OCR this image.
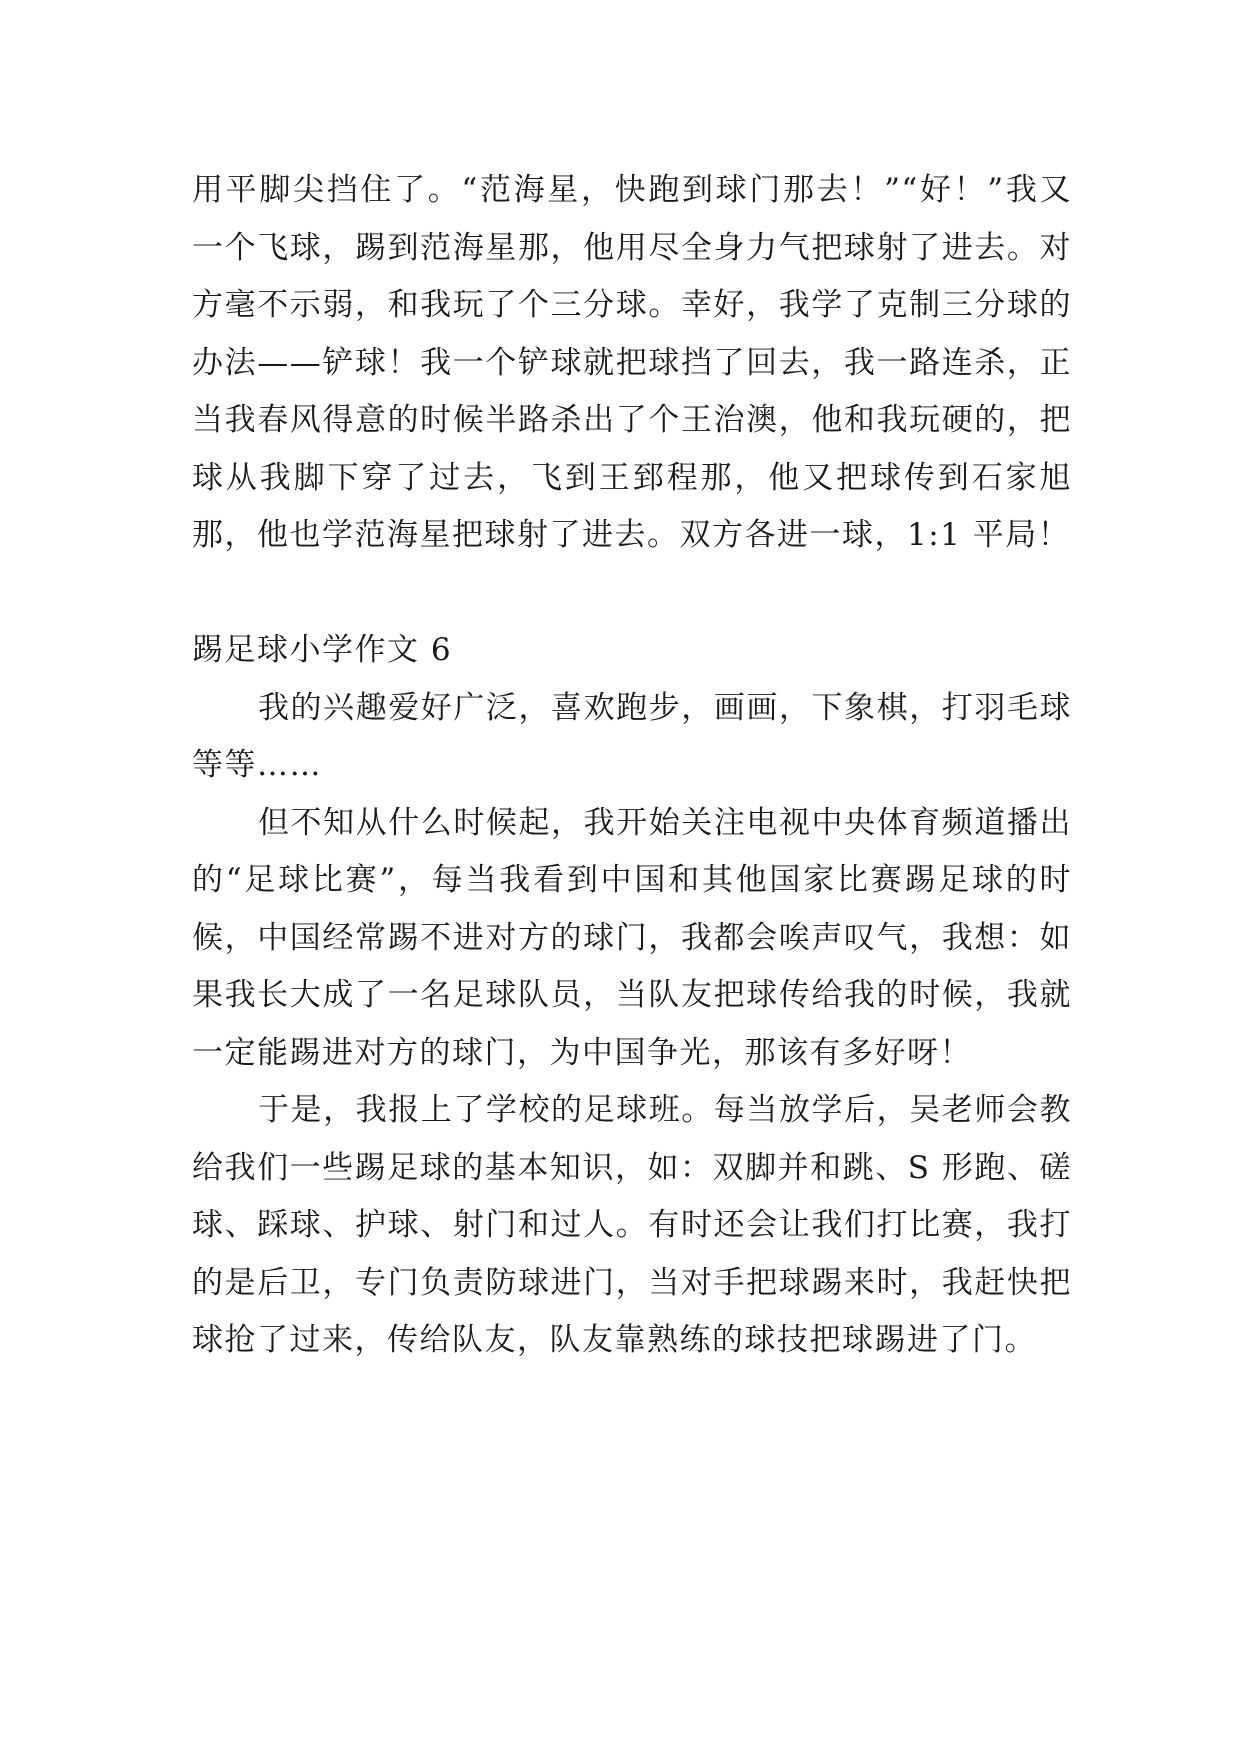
用平脚尖挡住了。“范海星，快跑到球门那去！”“好！”我又一个飞球，踢到范海星那，他用尽全身力气把球射了进去。对方毫不示弱，和我玩了个三分球。幸好，我学了克制三分球的办法——铲球！我一个铲球就把球挡了回去，我一路连杀，正当我春风得意的时候半路杀出了个王治澳，他和我玩硬的，把球从我脚下穿了过去，飞到王郅程那，他又把球传到石家旭那，他也学范海星把球射了进去。双方各进一球，1:1 平局！

踢足球小学作文 6

我的兴趣爱好广泛，喜欢跑步，画画，下象棋，打羽毛球等等……

但不知从什么时候起，我开始关注电视中央体育频道播出的“足球比赛”，每当我看到中国和其他国家比赛踢足球的时候，中国经常踢不进对方的球门，我都会唉声叹气，我想：如果我长大成了一名足球队员，当队友把球传给我的时候，我就一定能踢进对方的球门，为中国争光，那该有多好呀！

于是，我报上了学校的足球班。每当放学后，吴老师会教给我们一些踢足球的基本知识，如：双脚并和跳、S 形跑、磋球、踩球、护球、射门和过人。有时还会让我们打比赛，我打的是后卫，专门负责防球进门，当对手把球踢来时，我赶快把球抢了过来，传给队友，队友靠熟练的球技把球踢进了门。
